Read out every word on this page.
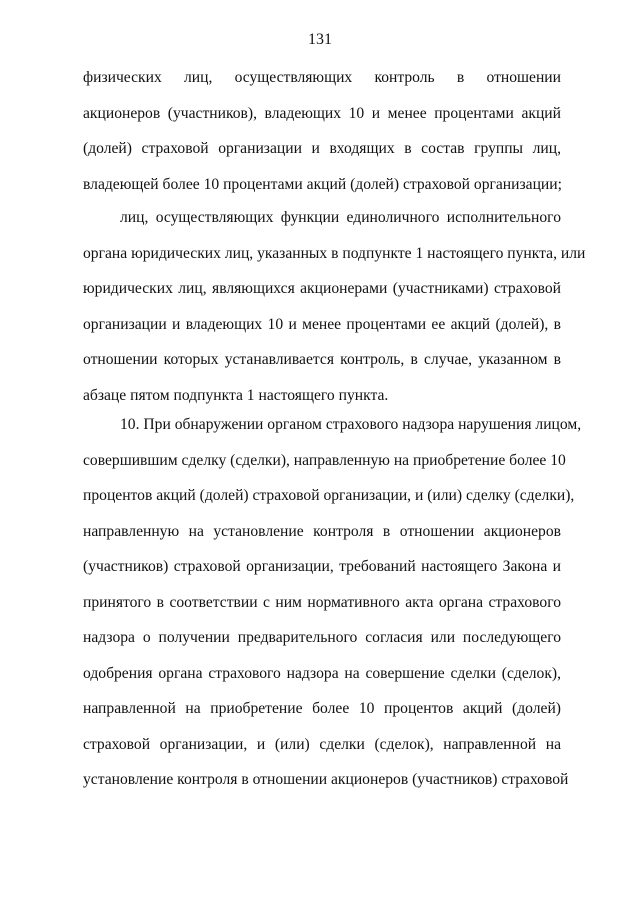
131
физических лиц, осуществляющих контроль в отношении
акционеров (участников), владеющих 10 и менее процентами акций
(долей) страховой организации и входящих в состав группы лиц,
владеющей более 10 процентами акций (долей) страховой организации;
лиц, осуществляющих функции единоличного исполнительного
органа юридических лиц, указанных в подпункте 1 настоящего пункта, или
юридических лиц, являющихся акционерами (участниками) страховой
организации и владеющих 10 и менее процентами ее акций (долей), в
отношении которых устанавливается контроль, в случае, указанном в
абзаце пятом подпункта 1 настоящего пункта.
10. При обнаружении органом страхового надзора нарушения лицом,
совершившим сделку (сделки), направленную на приобретение более 10
процентов акций (долей) страховой организации, и (или) сделку (сделки),
направленную на установление контроля в отношении акционеров
(участников) страховой организации, требований настоящего Закона и
принятого в соответствии с ним нормативного акта органа страхового
надзора о получении предварительного согласия или последующего
одобрения органа страхового надзора на совершение сделки (сделок),
направленной на приобретение более 10 процентов акций (долей)
страховой организации, и (или) сделки (сделок), направленной на
установление контроля в отношении акционеров (участников) страховой
